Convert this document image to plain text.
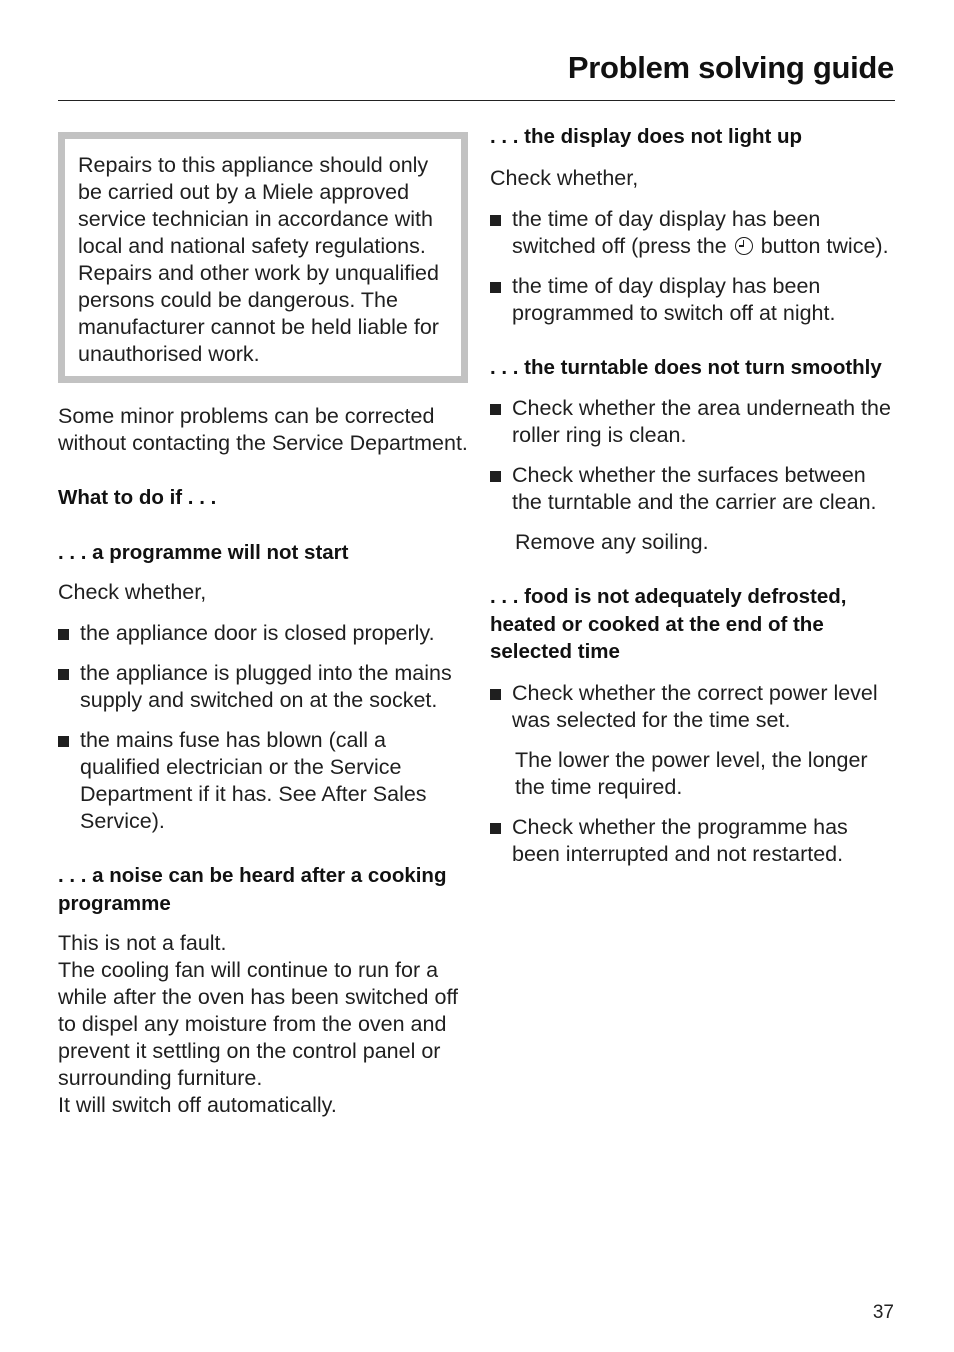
Problem solving guide

Repairs to this appliance should only be carried out by a Miele approved service technician in accordance with local and national safety regulations. Repairs and other work by unqualified persons could be dangerous. The manufacturer cannot be held liable for unauthorised work.

Some minor problems can be corrected without contacting the Service Department.

What to do if . . .

. . . a programme will not start

Check whether,

the appliance door is closed properly.
the appliance is plugged into the mains supply and switched on at the socket.
the mains fuse has blown (call a qualified electrician or the Service Department if it has. See After Sales Service).

. . . a noise can be heard after a cooking programme

This is not a fault.

The cooling fan will continue to run for a while after the oven has been switched off to dispel any moisture from the oven and prevent it settling on the control panel or surrounding furniture.

It will switch off automatically.

. . . the display does not light up

Check whether,

the time of day display has been switched off (press the button twice).
the time of day display has been programmed to switch off at night.

. . . the turntable does not turn smoothly

Check whether the area underneath the roller ring is clean.
Check whether the surfaces between the turntable and the carrier are clean.

Remove any soiling.

. . . food is not adequately defrosted, heated or cooked at the end of the selected time

Check whether the correct power level was selected for the time set.

The lower the power level, the longer the time required.

Check whether the programme has been interrupted and not restarted.
37
